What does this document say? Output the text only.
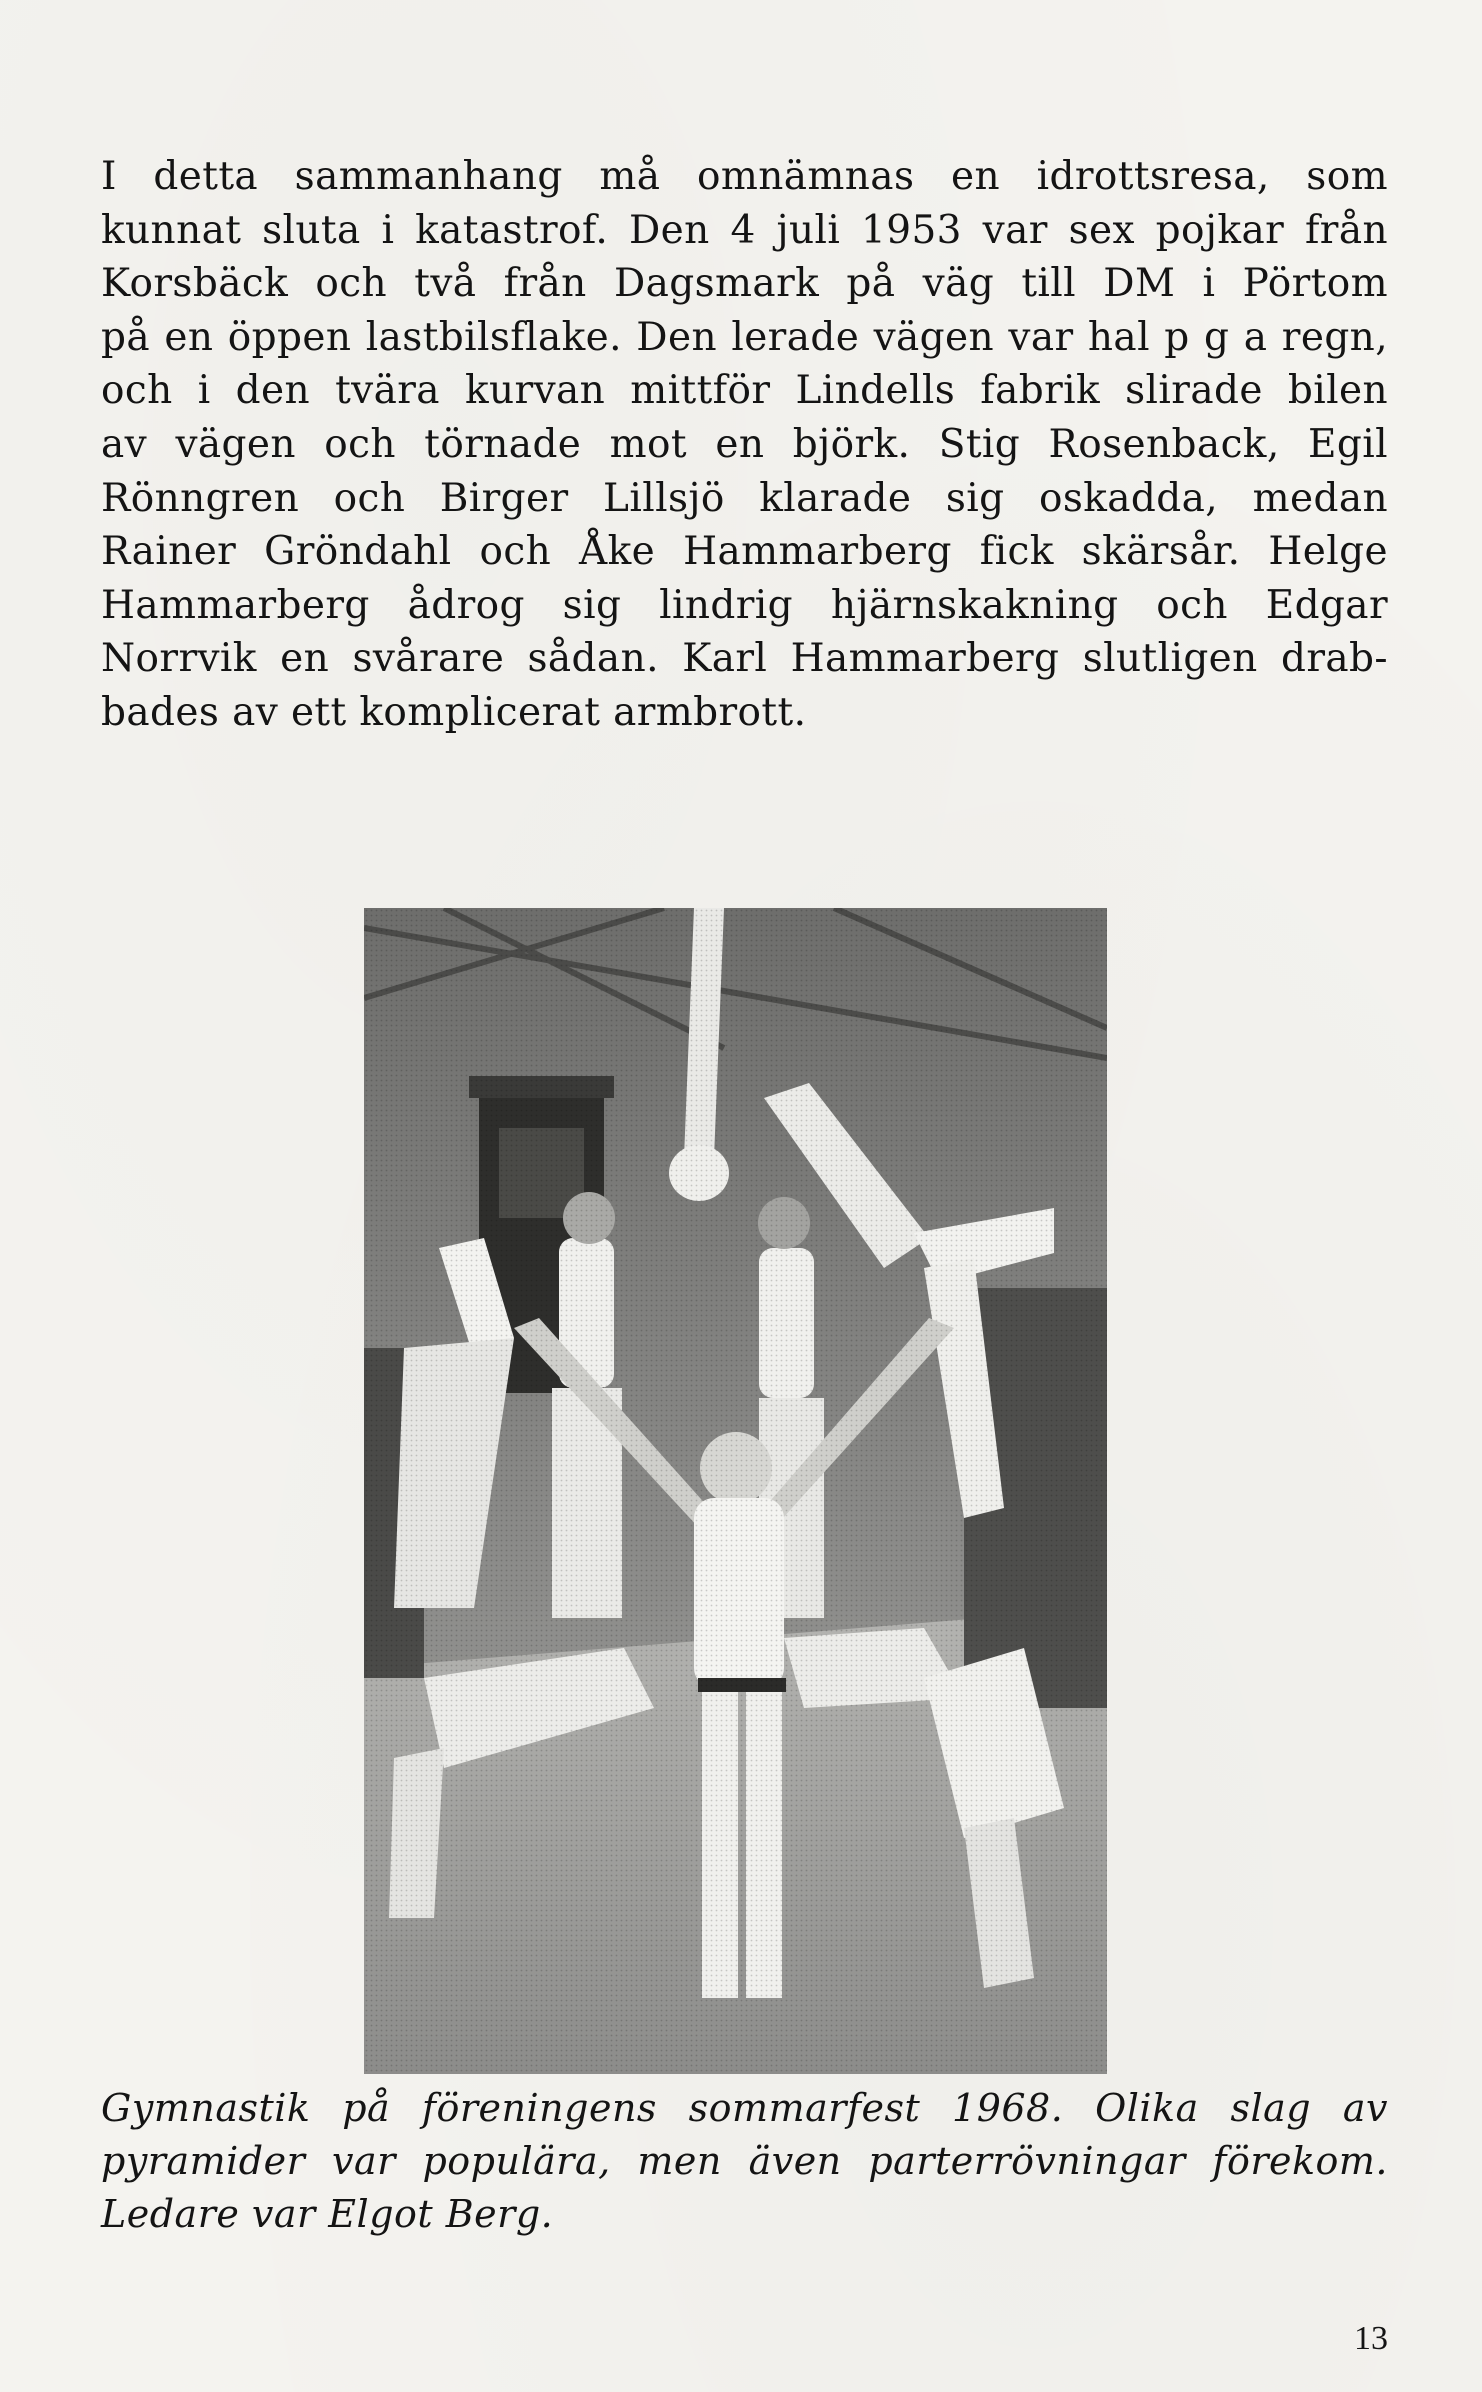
I detta sammanhang må omnämnas en idrottsresa, som
kunnat sluta i katastrof. Den 4 juli 1953 var sex pojkar från
Korsbäck och två från Dagsmark på väg till DM i Pörtom
på en öppen lastbilsflake. Den lerade vägen var hal p g a regn,
och i den tvära kurvan mittför Lindells fabrik slirade bilen
av vägen och törnade mot en björk. Stig Rosenback, Egil
Rönngren och Birger Lillsjö klarade sig oskadda, medan
Rainer Gröndahl och Åke Hammarberg fick skärsår. Helge
Hammarberg ådrog sig lindrig hjärnskakning och Edgar
Norrvik en svårare sådan. Karl Hammarberg slutligen drab-
bades av ett komplicerat armbrott.
Gymnastik på föreningens sommarfest 1968. Olika slag av
pyramider var populära, men även parterrövningar förekom.
Ledare var Elgot Berg.
13
